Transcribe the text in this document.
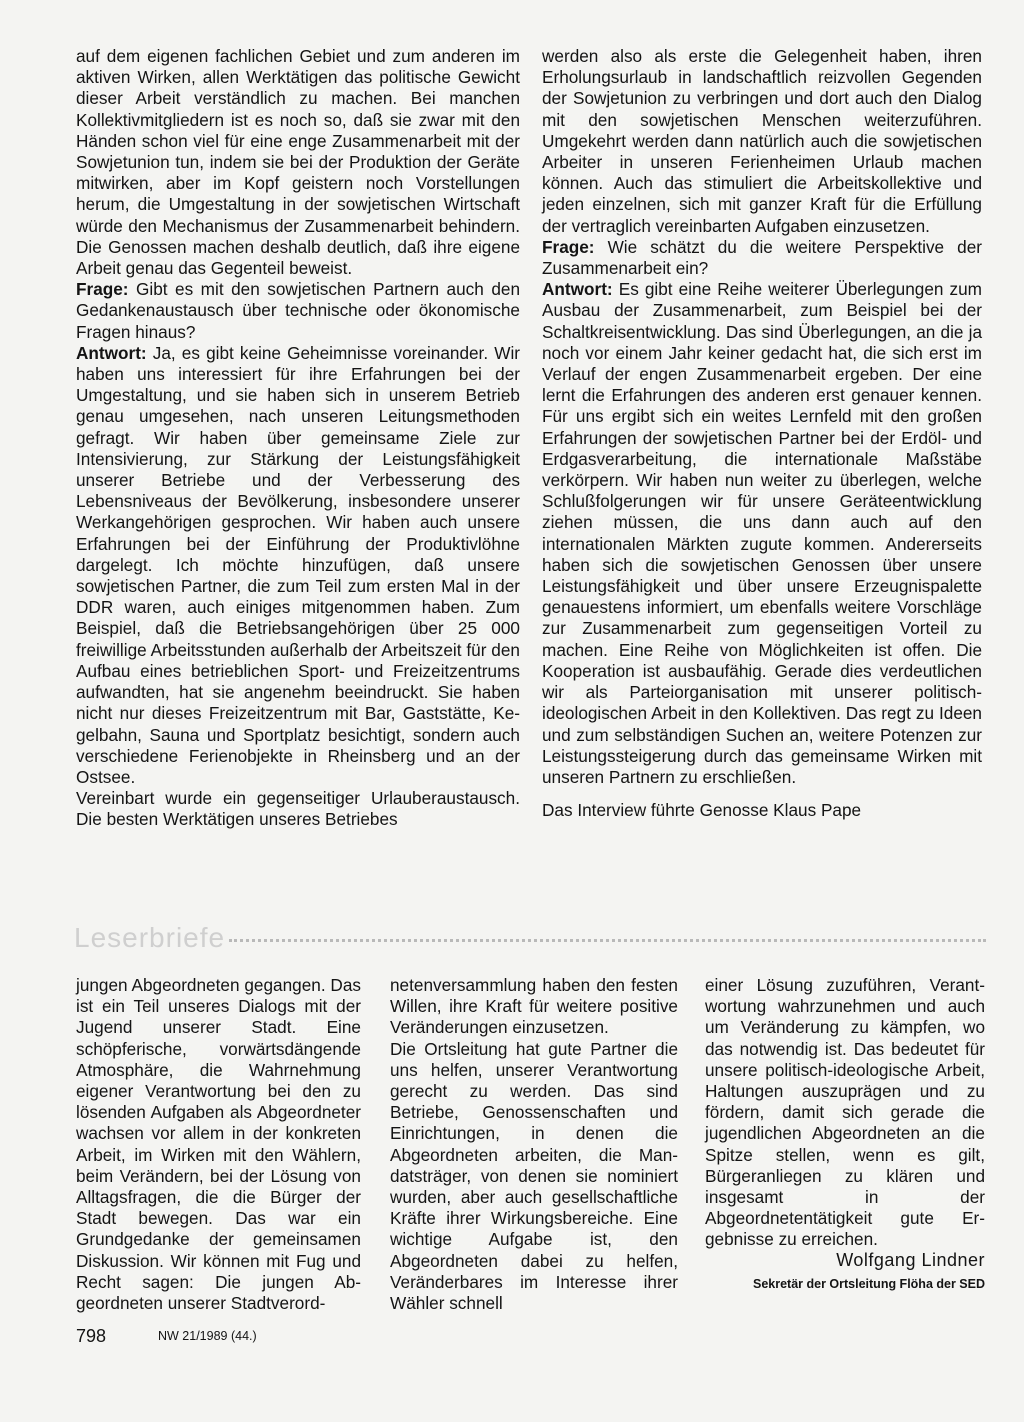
auf dem eigenen fachlichen Gebiet und zum anderen im aktiven Wirken, allen Werktätigen das politische Gewicht dieser Arbeit verständlich zu machen. Bei manchen Kollektivmitgliedern ist es noch so, daß sie zwar mit den Händen schon viel für eine enge Zusammenarbeit mit der Sowjetunion tun, indem sie bei der Produktion der Geräte mitwirken, aber im Kopf geistern noch Vorstellungen herum, die Umgestaltung in der sowjetischen Wirtschaft würde den Mechanismus der Zusammenarbeit behindern. Die Genossen machen deshalb deutlich, daß ihre eigene Arbeit genau das Gegenteil beweist.

Frage: Gibt es mit den sowjetischen Partnern auch den Gedankenaustausch über technische oder ökonomische Fragen hinaus?

Antwort: Ja, es gibt keine Geheimnisse voreinander. Wir haben uns interessiert für ihre Erfahrungen bei der Umgestaltung, und sie haben sich in unserem Betrieb genau umgesehen, nach unseren Leitungsmethoden gefragt. Wir haben über gemeinsame Ziele zur Intensivierung, zur Stärkung der Leistungsfähigkeit unserer Betriebe und der Verbesserung des Lebensniveaus der Bevölkerung, insbesondere unserer Werkangehörigen gesprochen. Wir haben auch unsere Erfahrungen bei der Einführung der Produktivlöhne dargelegt. Ich möchte hinzufügen, daß unsere sowjetischen Partner, die zum Teil zum ersten Mal in der DDR waren, auch einiges mitgenommen haben. Zum Beispiel, daß die Betriebsangehörigen über 25 000 freiwillige Arbeitsstunden außerhalb der Arbeitszeit für den Aufbau eines betrieblichen Sport- und Freizeitzentrums aufwandten, hat sie angenehm beeindruckt. Sie haben nicht nur dieses Freizeitzentrum mit Bar, Gaststätte, Kegelbahn, Sauna und Sportplatz besichtigt, sondern auch verschiedene Ferienobjekte in Rheinsberg und an der Ostsee.

Vereinbart wurde ein gegenseitiger Urlauberaustausch. Die besten Werktätigen unseres Betriebes

werden also als erste die Gelegenheit haben, ihren Erholungsurlaub in landschaftlich reizvollen Gegenden der Sowjetunion zu verbringen und dort auch den Dialog mit den sowjetischen Menschen weiterzuführen. Umgekehrt werden dann natürlich auch die sowjetischen Arbeiter in unseren Ferienheimen Urlaub machen können. Auch das stimuliert die Arbeitskollektive und jeden einzelnen, sich mit ganzer Kraft für die Erfüllung der vertraglich vereinbarten Aufgaben einzusetzen.

Frage: Wie schätzt du die weitere Perspektive der Zusammenarbeit ein?

Antwort: Es gibt eine Reihe weiterer Überlegungen zum Ausbau der Zusammenarbeit, zum Beispiel bei der Schaltkreisentwicklung. Das sind Überlegungen, an die ja noch vor einem Jahr keiner gedacht hat, die sich erst im Verlauf der engen Zusammenarbeit ergeben. Der eine lernt die Erfahrungen des anderen erst genauer kennen. Für uns ergibt sich ein weites Lernfeld mit den großen Erfahrungen der sowjetischen Partner bei der Erdöl- und Erdgasverarbeitung, die internationale Maßstäbe verkörpern. Wir haben nun weiter zu überlegen, welche Schlußfolgerungen wir für unsere Geräteentwicklung ziehen müssen, die uns dann auch auf den internationalen Märkten zugute kommen. Andererseits haben sich die sowjetischen Genossen über unsere Leistungsfähigkeit und über unsere Erzeugnispalette genauestens informiert, um ebenfalls weitere Vorschläge zur Zusammenarbeit zum gegenseitigen Vorteil zu machen. Eine Reihe von Möglichkeiten ist offen. Die Kooperation ist ausbaufähig. Gerade dies verdeutlichen wir als Parteiorganisation mit unserer politisch-ideologischen Arbeit in den Kollektiven. Das regt zu Ideen und zum selbständigen Suchen an, weitere Potenzen zur Leistungssteigerung durch das gemeinsame Wirken mit unseren Partnern zu erschließen.

Das Interview führte Genosse Klaus Pape

Leserbriefe

jungen Abgeordneten gegangen. Das ist ein Teil unseres Dialogs mit der Jugend unserer Stadt. Eine schöpferische, vorwärtsdängende Atmosphäre, die Wahrnehmung eigener Verantwortung bei den zu lösenden Aufgaben als Abgeordneter wachsen vor allem in der konkreten Arbeit, im Wirken mit den Wählern, beim Verändern, bei der Lösung von Alltagsfragen, die die Bürger der Stadt bewegen. Das war ein Grundgedanke der gemeinsamen Diskussion. Wir können mit Fug und Recht sagen: Die jungen Abgeordneten unserer Stadtverord-

netenversammlung haben den festen Willen, ihre Kraft für weitere positive Veränderungen einzusetzen.

Die Ortsleitung hat gute Partner die uns helfen, unserer Verantwortung gerecht zu werden. Das sind Betriebe, Genossenschaften und Einrichtungen, in denen die Abgeordneten arbeiten, die Mandatsträger, von denen sie nominiert wurden, aber auch gesellschaftliche Kräfte ihrer Wirkungsbereiche. Eine wichtige Aufgabe ist, den Abgeordneten dabei zu helfen, Veränderbares im Interesse ihrer Wähler schnell

einer Lösung zuzuführen, Verantwortung wahrzunehmen und auch um Veränderung zu kämpfen, wo das notwendig ist. Das bedeutet für unsere politisch-ideologische Arbeit, Haltungen auszuprägen und zu fördern, damit sich gerade die jugendlichen Abgeordneten an die Spitze stellen, wenn es gilt, Bürgeranliegen zu klären und insgesamt in der Abgeordnetentätigkeit gute Ergebnisse zu erreichen.

Wolfgang Lindner
Sekretär der Ortsleitung Flöha der SED
798	NW 21/1989 (44.)
